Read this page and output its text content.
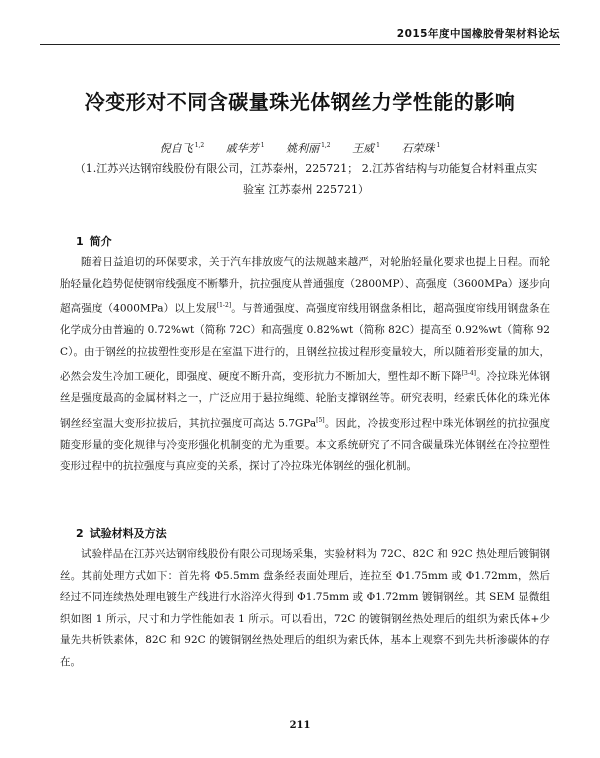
2015年度中国橡胶骨架材料论坛
冷变形对不同含碳量珠光体钢丝力学性能的影响
倪自飞 $^{1,2}$ 戚华芳 $^1$ 姚利丽 $^{1,2}$ 王威 $^1$ 石荣珠 $^1$
（1.江苏兴达钢帘线股份有限公司，江苏泰州，225721； 2.江苏省结构与功能复合材料重点实验室 江苏泰州 225721）
1 简介

随着日益追切的环保要求，关于汽车排放废气的法规越来越严，对轮胎轻量化要求也提上日程。而轮胎轻量化趋势促使钢帘线强度不断攀升，抗拉强度从普通强度（2800MP）、高强度（3600MPa）逐步向超高强度（4000MPa）以上发展[1-2]。与普通强度、高强度帘线用钢盘条相比，超高强度帘线用钢盘条在化学成分由普遍的 0.72%wt（简称 72C）和高强度 0.82%wt（简称 82C）提高至 0.92%wt（简称 92C）。由于钢丝的拉拔塑性变形是在室温下进行的，且钢丝拉拔过程形变量较大，所以随着形变量的加大，必然会发生冷加工硬化，即强度、硬度不断升高，变形抗力不断加大，塑性却不断下降[3-4]。冷拉珠光体钢丝是强度最高的金属材料之一，广泛应用于悬拉绳缆、轮胎支撑钢丝等。研究表明，经索氏体化的珠光体钢丝经室温大变形拉拔后，其抗拉强度可高达 5.7GPa[5]。因此，冷拔变形过程中珠光体钢丝的抗拉强度随变形量的变化规律与冷变形强化机制变的尤为重要。本文系统研究了不同含碳量珠光体钢丝在冷拉塑性变形过程中的抗拉强度与真应变的关系，探讨了冷拉珠光体钢丝的强化机制。

2 试验材料及方法

试验样品在江苏兴达钢帘线股份有限公司现场采集，实验材料为 72C、82C 和 92C 热处理后镀铜钢丝。其前处理方式如下：首先将 Φ5.5mm 盘条经表面处理后，连拉至 Φ1.75mm 或 Φ1.72mm，然后经过不同连续热处理电镀生产线进行水浴淬火得到 Φ1.75mm 或 Φ1.72mm 镀铜钢丝。其 SEM 显微组织如图 1 所示，尺寸和力学性能如表 1 所示。可以看出，72C 的镀铜钢丝热处理后的组织为索氏体+少量先共析铁素体，82C 和 92C 的镀铜钢丝热处理后的组织为索氏体，基本上观察不到先共析渗碳体的存在。

211
